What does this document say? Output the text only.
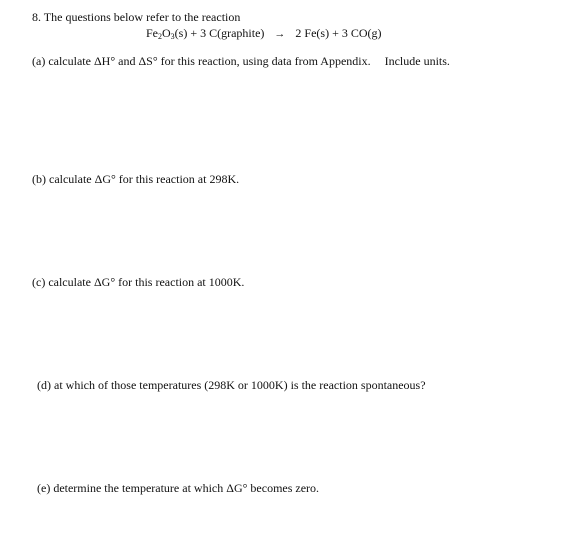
8. The questions below refer to the reaction
$Fe_2O_3(s) + 3$ C(graphite) → 2 Fe(s) + 3 CO(g)
(a) calculate ΔH° and ΔS° for this reaction, using data from Appendix. Include units.
(b) calculate ΔG° for this reaction at 298K.
(c) calculate ΔG° for this reaction at 1000K.
(d) at which of those temperatures (298K or 1000K) is the reaction spontaneous?
(e) determine the temperature at which ΔG° becomes zero.
